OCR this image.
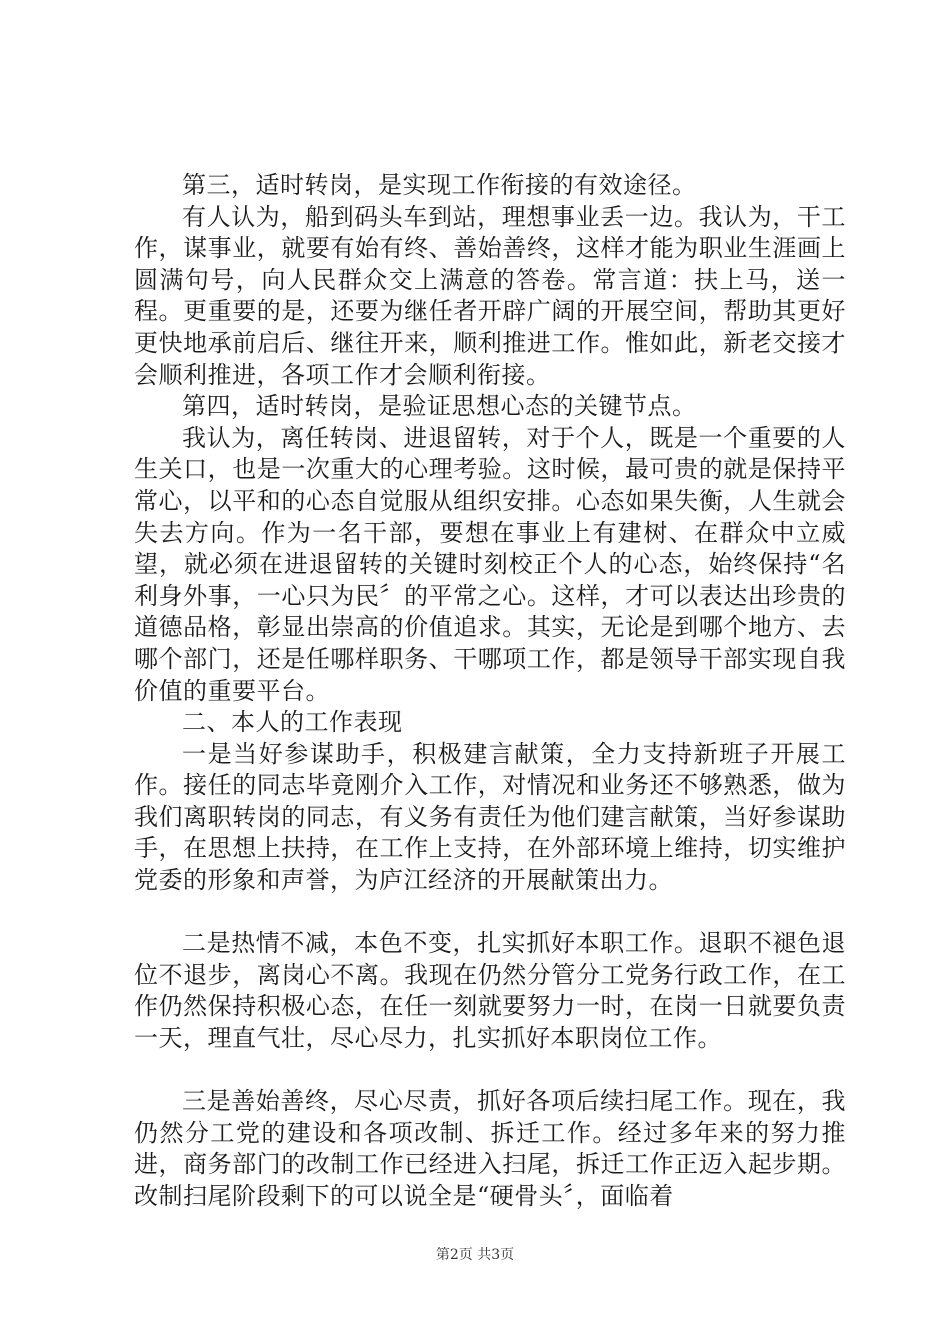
第三，适时转岗，是实现工作衔接的有效途径。

有人认为，船到码头车到站，理想事业丢一边。我认为，干工作，谋事业，就要有始有终、善始善终，这样才能为职业生涯画上圆满句号，向人民群众交上满意的答卷。常言道：扶上马，送一程。更重要的是，还要为继任者开辟广阔的开展空间，帮助其更好更快地承前启后、继往开来，顺利推进工作。惟如此，新老交接才会顺利推进，各项工作才会顺利衔接。

第四，适时转岗，是验证思想心态的关键节点。

我认为，离任转岗、进退留转，对于个人，既是一个重要的人生关口，也是一次重大的心理考验。这时候，最可贵的就是保持平常心，以平和的心态自觉服从组织安排。心态如果失衡，人生就会失去方向。作为一名干部，要想在事业上有建树、在群众中立威望，就必须在进退留转的关键时刻校正个人的心态，始终保持“名利身外事，一心只为民〞的平常之心。这样，才可以表达出珍贵的道德品格，彰显出崇高的价值追求。其实，无论是到哪个地方、去哪个部门，还是任哪样职务、干哪项工作，都是领导干部实现自我价值的重要平台。

二、本人的工作表现

一是当好参谋助手，积极建言献策，全力支持新班子开展工作。接任的同志毕竟刚介入工作，对情况和业务还不够熟悉，做为我们离职转岗的同志，有义务有责任为他们建言献策，当好参谋助手，在思想上扶持，在工作上支持，在外部环境上维持，切实维护党委的形象和声誉，为庐江经济的开展献策出力。

二是热情不减，本色不变，扎实抓好本职工作。退职不褪色退位不退步，离岗心不离。我现在仍然分管分工党务行政工作，在工作仍然保持积极心态，在任一刻就要努力一时，在岗一日就要负责一天，理直气壮，尽心尽力，扎实抓好本职岗位工作。

三是善始善终，尽心尽责，抓好各项后续扫尾工作。现在，我仍然分工党的建设和各项改制、拆迁工作。经过多年来的努力推进，商务部门的改制工作已经进入扫尾，拆迁工作正迈入起步期。改制扫尾阶段剩下的可以说全是“硬骨头〞，面临着

第2页 共3页
